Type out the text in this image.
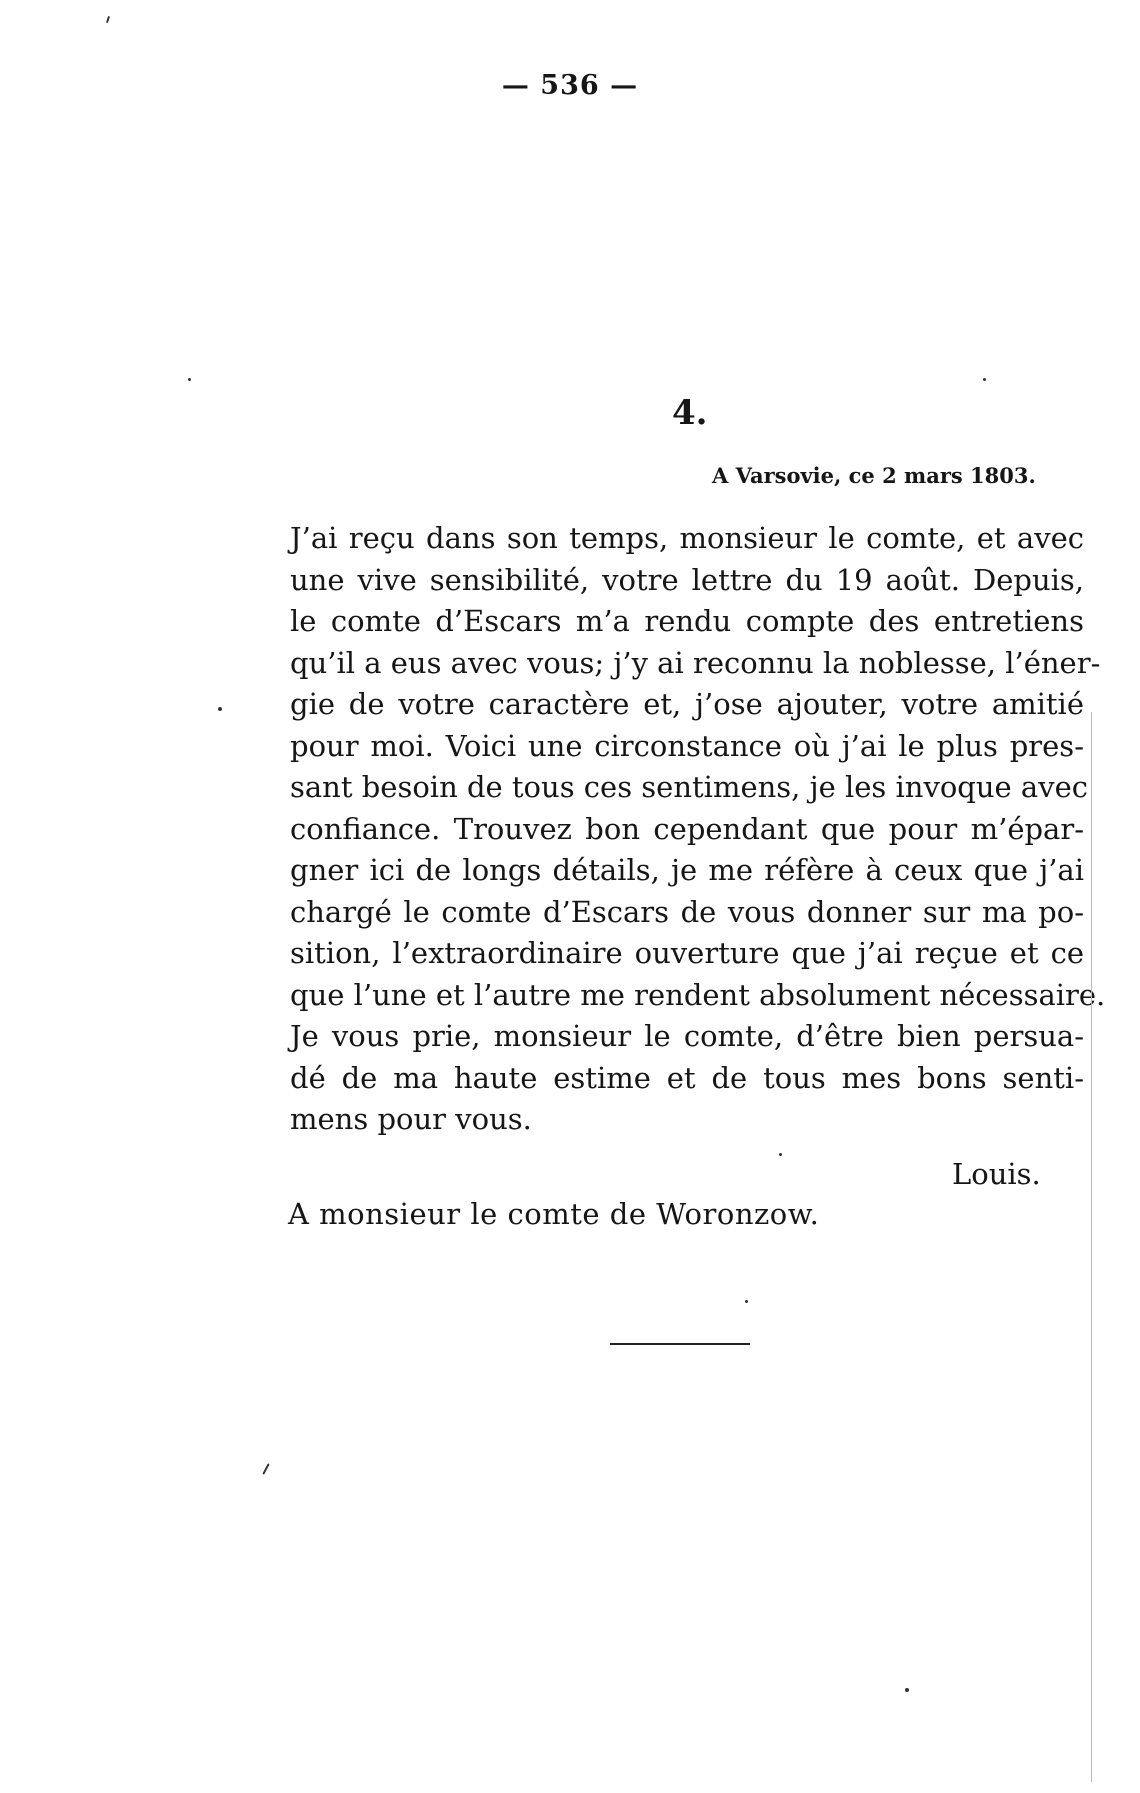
— 536 —
4.
A Varsovie, ce 2 mars 1803.

J’ai reçu dans son temps, monsieur le comte, et avec
une vive sensibilité, votre lettre du 19 août. Depuis,
le comte d’Escars m’a rendu compte des entretiens
qu’il a eus avec vous; j’y ai reconnu la noblesse, l’éner-
gie de votre caractère et, j’ose ajouter, votre amitié
pour moi. Voici une circonstance où j’ai le plus pres-
sant besoin de tous ces sentimens, je les invoque avec
confiance. Trouvez bon cependant que pour m’épar-
gner ici de longs détails, je me réfère à ceux que j’ai
chargé le comte d’Escars de vous donner sur ma po-
sition, l’extraordinaire ouverture que j’ai reçue et ce
que l’une et l’autre me rendent absolument nécessaire.

Je vous prie, monsieur le comte, d’être bien persua-
dé de ma haute estime et de tous mes bons senti-
mens pour vous.

Louis.
A monsieur le comte de Woronzow.
